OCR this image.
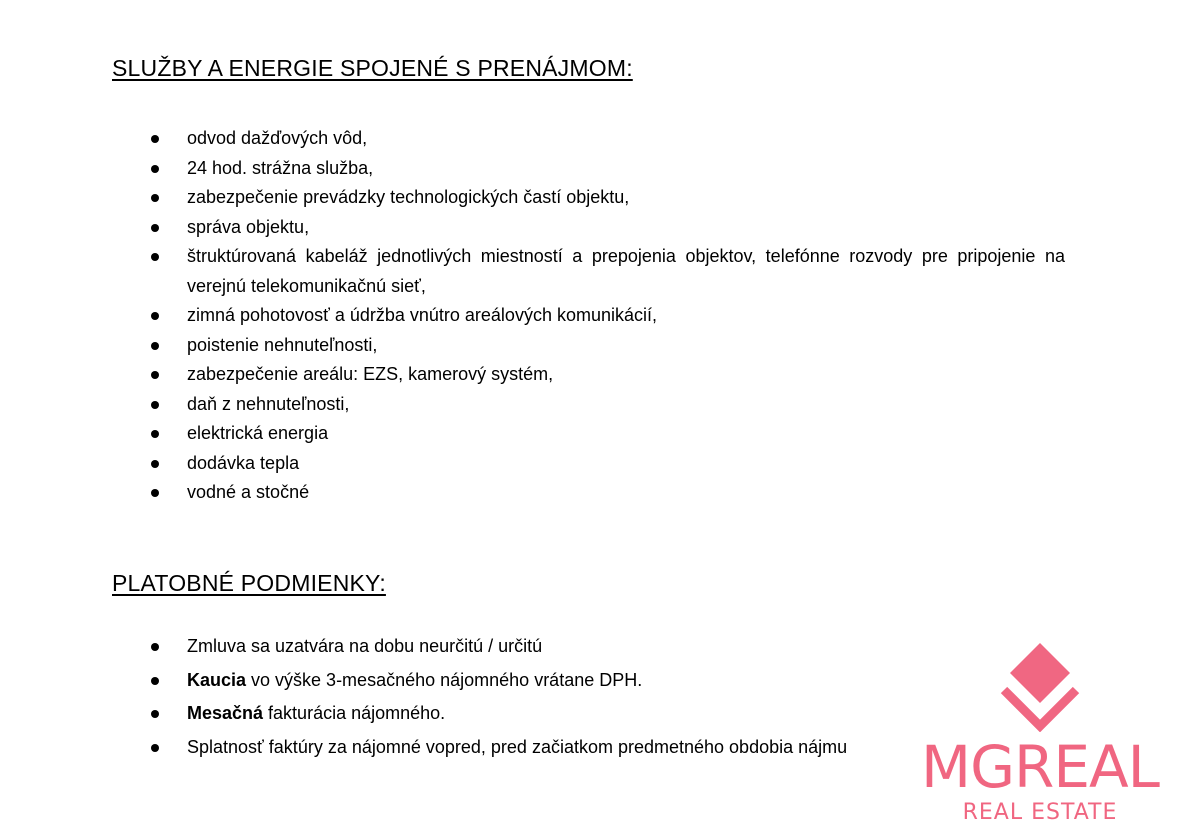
SLUŽBY A ENERGIE SPOJENÉ S PRENÁJMOM:
odvod dažďových vôd,
24 hod. strážna služba,
zabezpečenie prevádzky technologických častí objektu,
správa objektu,
štruktúrovaná kabeláž jednotlivých miestností a prepojenia objektov, telefónne rozvody pre pripojenie na verejnú telekomunikačnú sieť,
zimná pohotovosť a údržba vnútro areálových komunikácií,
poistenie nehnuteľnosti,
zabezpečenie areálu: EZS, kamerový systém,
daň z nehnuteľnosti,
elektrická energia
dodávka tepla
vodné a stočné
PLATOBNÉ PODMIENKY:
Zmluva sa uzatvára na dobu neurčitú / určitú
Kaucia vo výške 3-mesačného nájomného vrátane DPH.
Mesačná fakturácia nájomného.
Splatnosť faktúry za nájomné vopred, pred začiatkom predmetného obdobia nájmu	MGREAL
REAL ESTATE
